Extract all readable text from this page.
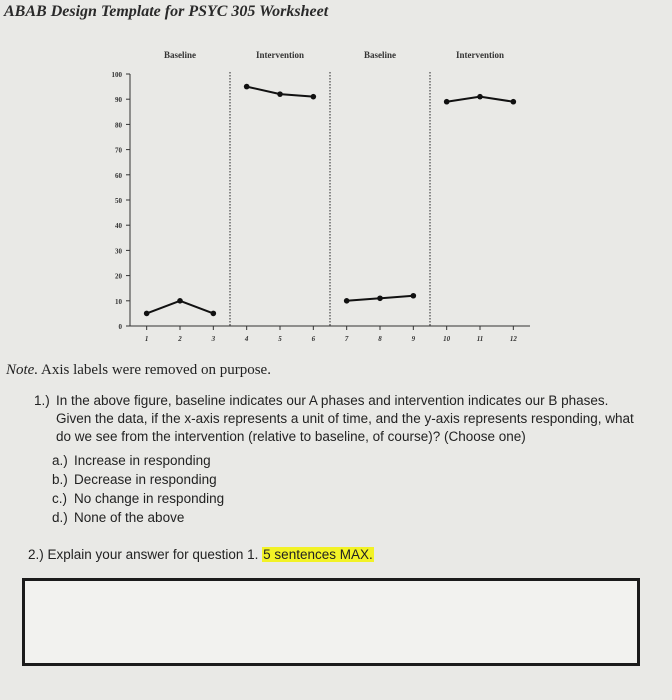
ABAB Design Template for PSYC 305 Worksheet
0
10
20
30
40
50
60
70
80
90
100
1	2	3	4	5	6	7	8	9	10	11	12
Baseline	Intervention	Baseline	Intervention
Note. Axis labels were removed on purpose.
1.) In the above figure, baseline indicates our A phases and intervention indicates our B phases. Given the data, if the x-axis represents a unit of time, and the y-axis represents responding, what do we see from the intervention (relative to baseline, of course)? (Choose one)
a.) Increase in responding
b.) Decrease in responding
c.) No change in responding
d.) None of the above
2.) Explain your answer for question 1. 5 sentences MAX.
